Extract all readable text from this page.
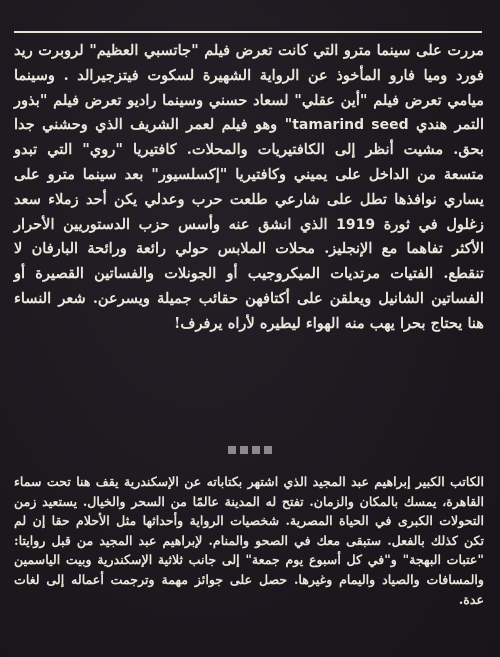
مررت على سينما مترو التي كانت تعرض فيلم "جاتسبي العظيم" لروبرت ريد فورد وميا فارو المأخوذ عن الرواية الشهيرة لسكوت فيتزجيرالد . وسينما ميامي تعرض فيلم "أين عقلي" لسعاد حسني وسينما راديو تعرض فيلم "بذور التمر هندي tamarind seed" وهو فيلم لعمر الشريف الذي وحشني جدا بحق. مشيت أنظر إلى الكافتيريات والمحلات. كافتيريا "روي" التي تبدو متسعة من الداخل على يميني وكافتيريا "إكسلسيور" بعد سينما مترو على يساري نوافذها تطل على شارعي طلعت حرب وعدلي يكن أحد زملاء سعد زغلول في ثورة 1919 الذي انشق عنه وأسس حزب الدستوريين الأحرار الأكثر تفاهما مع الإنجليز. محلات الملابس حولي رائعة ورائحة البارفان لا تنقطع. الفتيات مرتديات الميكروجيب أو الجونلات والفساتين القصيرة أو الفساتين الشانيل ويعلقن على أكتافهن حقائب جميلة ويسرعن. شعر النساء هنا يحتاج بحرا يهب منه الهواء ليطيره لأراه يرفرف!

الكاتب الكبير إبراهيم عبد المجيد الذي اشتهر بكتاباته عن الإسكندرية يقف هنا تحت سماء القاهرة، يمسك بالمكان والزمان. تفتح له المدينة عالمًا من السحر والخيال. يستعيد زمن التحولات الكبرى في الحياة المصرية. شخصيات الرواية وأحداثها مثل الأحلام حقا إن لم تكن كذلك بالفعل. ستبقى معك في الصحو والمنام. لإبراهيم عبد المجيد من قبل روايتا: "عتبات البهجة" و"في كل أسبوع يوم جمعة" إلى جانب ثلاثية الإسكندرية وبيت الياسمين والمسافات والصياد واليمام وغيرها. حصل على جوائز مهمة وترجمت أعماله إلى لغات عدة.
